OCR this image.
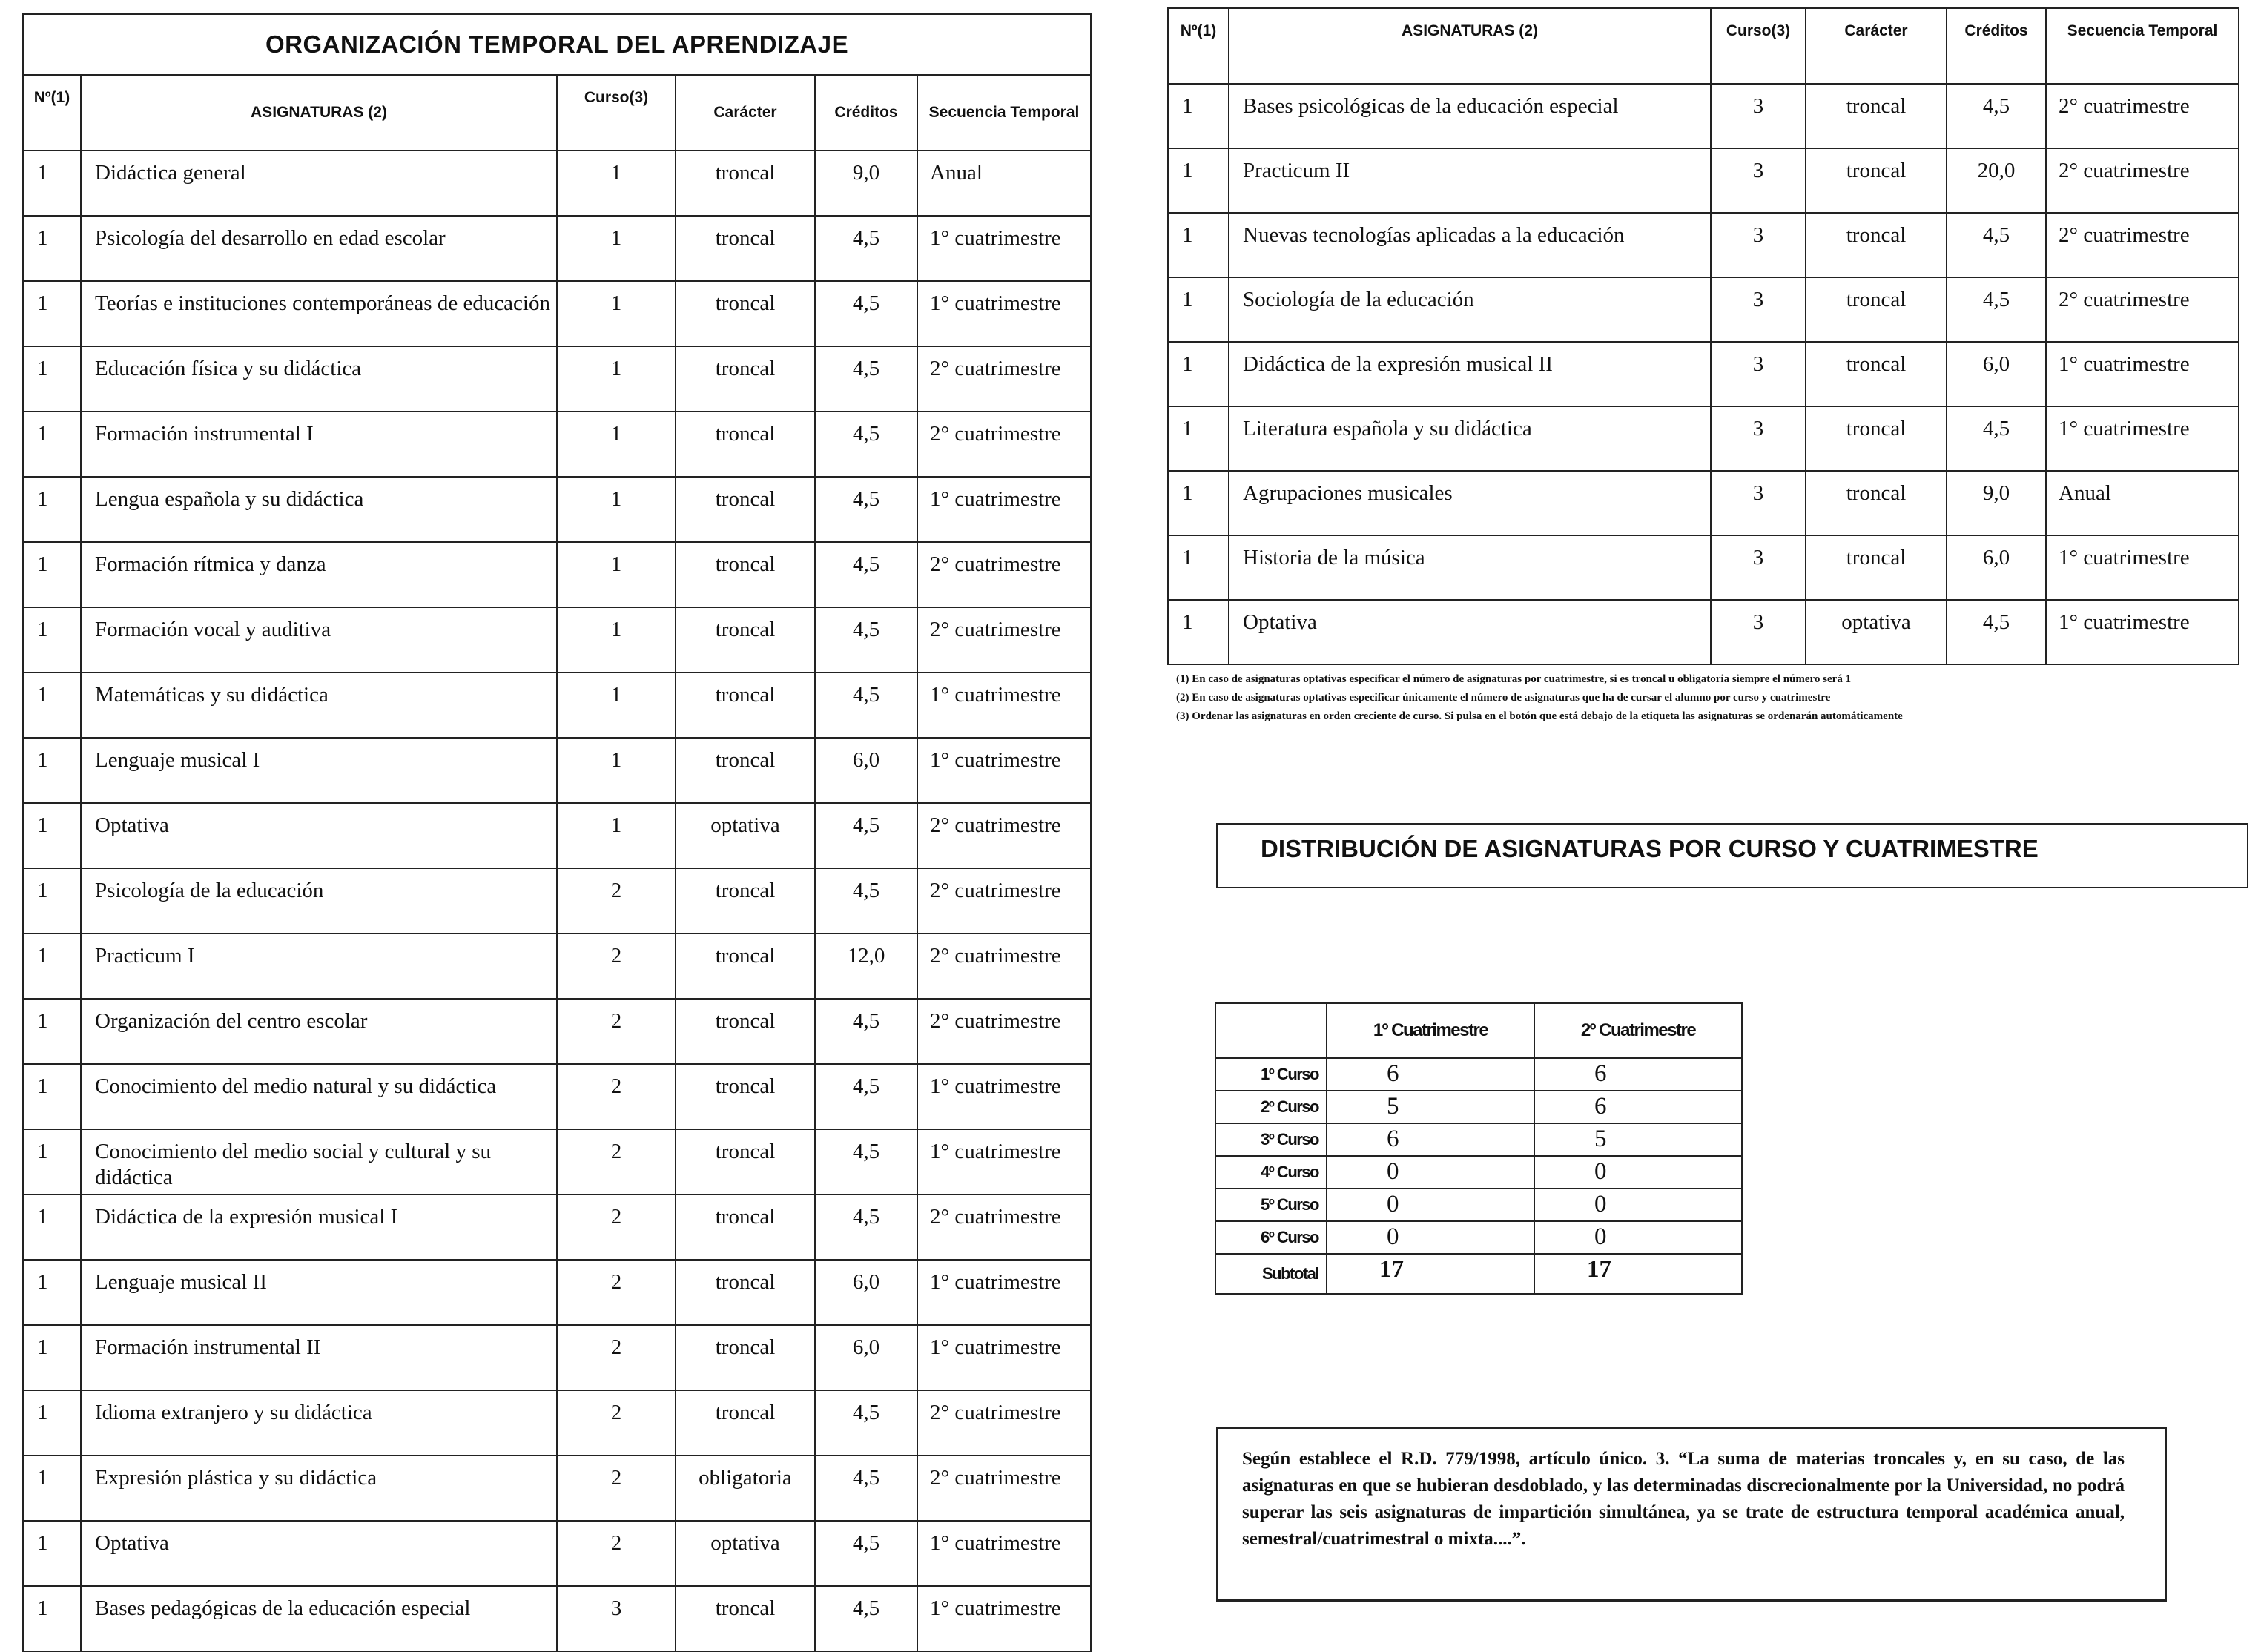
ORGANIZACIÓN TEMPORAL DEL APRENDIZAJE					
Nº(1)	ASIGNATURAS (2)	Curso(3)	Carácter	Créditos	Secuencia Temporal
1	Didáctica general	1	troncal	9,0	Anual
1	Psicología del desarrollo en edad escolar	1	troncal	4,5	1° cuatrimestre
1	Teorías e instituciones contemporáneas de educación	1	troncal	4,5	1° cuatrimestre
1	Educación física y su didáctica	1	troncal	4,5	2° cuatrimestre
1	Formación instrumental I	1	troncal	4,5	2° cuatrimestre
1	Lengua española y su didáctica	1	troncal	4,5	1° cuatrimestre
1	Formación rítmica y danza	1	troncal	4,5	2° cuatrimestre
1	Formación vocal y auditiva	1	troncal	4,5	2° cuatrimestre
1	Matemáticas y su didáctica	1	troncal	4,5	1° cuatrimestre
1	Lenguaje musical I	1	troncal	6,0	1° cuatrimestre
1	Optativa	1	optativa	4,5	2° cuatrimestre
1	Psicología de la educación	2	troncal	4,5	2° cuatrimestre
1	Practicum I	2	troncal	12,0	2° cuatrimestre
1	Organización del centro escolar	2	troncal	4,5	2° cuatrimestre
1	Conocimiento del medio natural y su didáctica	2	troncal	4,5	1° cuatrimestre
1	Conocimiento del medio social y cultural y su didáctica	2	troncal	4,5	1° cuatrimestre
1	Didáctica de la expresión musical I	2	troncal	4,5	2° cuatrimestre
1	Lenguaje musical II	2	troncal	6,0	1° cuatrimestre
1	Formación instrumental II	2	troncal	6,0	1° cuatrimestre
1	Idioma extranjero y su didáctica	2	troncal	4,5	2° cuatrimestre
1	Expresión plástica y su didáctica	2	obligatoria	4,5	2° cuatrimestre
1	Optativa	2	optativa	4,5	1° cuatrimestre
1	Bases pedagógicas de la educación especial	3	troncal	4,5	1° cuatrimestre
Nº(1)	ASIGNATURAS (2)	Curso(3)	Carácter	Créditos	Secuencia Temporal
1	Bases psicológicas de la educación especial	3	troncal	4,5	2° cuatrimestre
1	Practicum II	3	troncal	20,0	2° cuatrimestre
1	Nuevas tecnologías aplicadas a la educación	3	troncal	4,5	2° cuatrimestre
1	Sociología de la educación	3	troncal	4,5	2° cuatrimestre
1	Didáctica de la expresión musical II	3	troncal	6,0	1° cuatrimestre
1	Literatura española y su didáctica	3	troncal	4,5	1° cuatrimestre
1	Agrupaciones musicales	3	troncal	9,0	Anual
1	Historia de la música	3	troncal	6,0	1° cuatrimestre
1	Optativa	3	optativa	4,5	1° cuatrimestre
(1) En caso de asignaturas optativas especificar el número de asignaturas por cuatrimestre, si es troncal u obligatoria siempre el número será 1
(2) En caso de asignaturas optativas especificar únicamente el número de asignaturas que ha de cursar el alumno por curso y cuatrimestre
(3) Ordenar las asignaturas en orden creciente de curso. Si pulsa en el botón que está debajo de la etiqueta las asignaturas se ordenarán automáticamente
DISTRIBUCIÓN DE ASIGNATURAS POR CURSO Y CUATRIMESTRE
	1º Cuatrimestre	2º Cuatrimestre
1º Curso	6	6
2º Curso	5	6
3º Curso	6	5
4º Curso	0	0
5º Curso	0	0
6º Curso	0	0
Subtotal	17	17
Según establece el R.D. 779/1998, artículo único. 3. “La suma de materias troncales y, en su caso, de las asignaturas en que se hubieran desdoblado, y las determinadas discrecionalmente por la Universidad, no podrá superar las seis asignaturas de impartición simultánea, ya se trate de estructura temporal académica anual, semestral/cuatrimestral o mixta....”.
